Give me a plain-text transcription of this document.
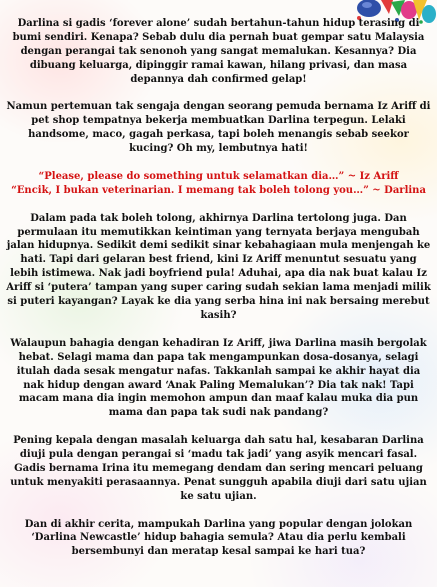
Darlina si gadis ‘forever alone’ sudah bertahun-tahun hidup terasing di bumi sendiri. Kenapa? Sebab dulu dia pernah buat gempar satu Malaysia dengan perangai tak senonoh yang sangat memalukan. Kesannya? Dia dibuang keluarga, dipinggir ramai kawan, hilang privasi, dan masa depannya dah confirmed gelap!

Namun pertemuan tak sengaja dengan seorang pemuda bernama Iz Ariff di pet shop tempatnya bekerja membuatkan Darlina terpegun. Lelaki handsome, maco, gagah perkasa, tapi boleh menangis sebab seekor kucing? Oh my, lembutnya hati!

“Please, please do something untuk selamatkan dia…” ~ Iz Ariff

“Encik, I bukan veterinarian. I memang tak boleh tolong you…” ~ Darlina

Dalam pada tak boleh tolong, akhirnya Darlina tertolong juga. Dan permulaan itu memutikkan keintiman yang ternyata berjaya mengubah jalan hidupnya. Sedikit demi sedikit sinar kebahagiaan mula menjengah ke hati. Tapi dari gelaran best friend, kini Iz Ariff menuntut sesuatu yang lebih istimewa. Nak jadi boyfriend pula! Aduhai, apa dia nak buat kalau Iz Ariff si ‘putera’ tampan yang super caring sudah sekian lama menjadi milik si puteri kayangan? Layak ke dia yang serba hina ini nak bersaing merebut kasih?

Walaupun bahagia dengan kehadiran Iz Ariff, jiwa Darlina masih bergolak hebat. Selagi mama dan papa tak mengampunkan dosa-dosanya, selagi itulah dada sesak mengatur nafas. Takkanlah sampai ke akhir hayat dia nak hidup dengan award ‘Anak Paling Memalukan’? Dia tak nak! Tapi macam mana dia ingin memohon ampun dan maaf kalau muka dia pun mama dan papa tak sudi nak pandang?

Pening kepala dengan masalah keluarga dah satu hal, kesabaran Darlina diuji pula dengan perangai si ‘madu tak jadi’ yang asyik mencari fasal. Gadis bernama Irina itu memegang dendam dan sering mencari peluang untuk menyakiti perasaannya. Penat sungguh apabila diuji dari satu ujian ke satu ujian.

Dan di akhir cerita, mampukah Darlina yang popular dengan jolokan ‘Darlina Newcastle’ hidup bahagia semula? Atau dia perlu kembali bersembunyi dan meratap kesal sampai ke hari tua?
